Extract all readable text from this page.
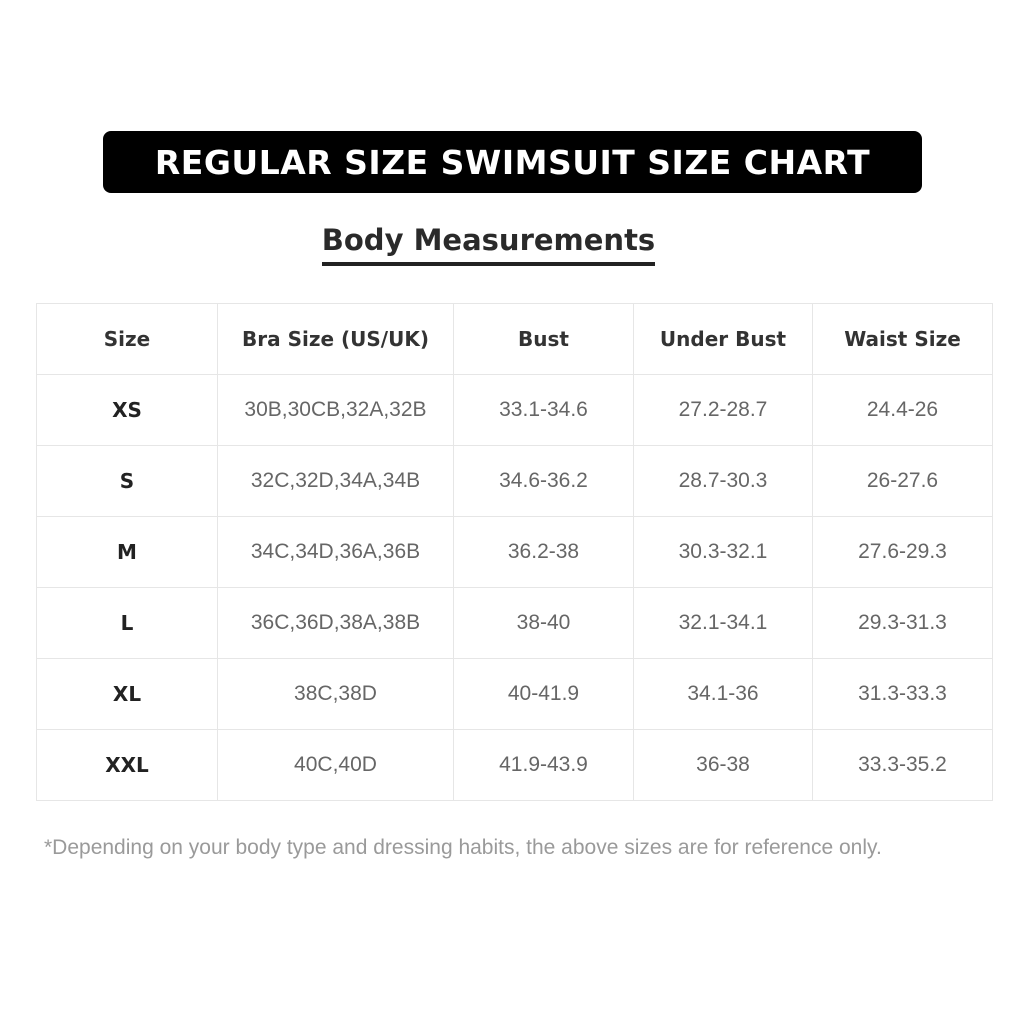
REGULAR SIZE SWIMSUIT SIZE CHART
Body Measurements
Size	Bra Size (US/UK)	Bust	Under Bust	Waist Size
XS	30B,30CB,32A,32B	33.1-34.6	27.2-28.7	24.4-26
S	32C,32D,34A,34B	34.6-36.2	28.7-30.3	26-27.6
M	34C,34D,36A,36B	36.2-38	30.3-32.1	27.6-29.3
L	36C,36D,38A,38B	38-40	32.1-34.1	29.3-31.3
XL	38C,38D	40-41.9	34.1-36	31.3-33.3
XXL	40C,40D	41.9-43.9	36-38	33.3-35.2
*Depending on your body type and dressing habits, the above sizes are for reference only.
